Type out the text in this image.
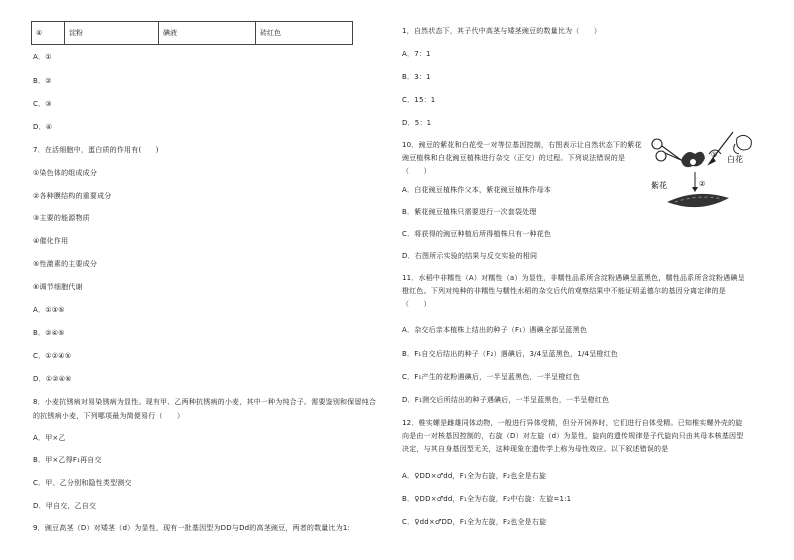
④	淀粉	碘液	砖红色
A．①
B．②
C．③
D．④
7．在活细胞中，蛋白质的作用有(　　)
①染色体的组成成分
②各种膜结构的重要成分
③主要的能源物质
④催化作用
⑤性激素的主要成分
⑥调节细胞代谢
A．①③⑤
B．②④⑤
C．①②④⑤
D．①②④⑥
8．小麦抗锈病对易染锈病为显性。现有甲、乙两种抗锈病的小麦，其中一种为纯合子。需要鉴别和保留纯合的抗锈病小麦，下列哪项最为简便易行（　　）
A．甲×乙
B．甲×乙得F₁再自交
C．甲、乙分别和隐性类型测交
D．甲自交，乙自交
9．豌豆高茎（D）对矮茎（d）为显性，现有一批基因型为DD与Dd的高茎豌豆，两者的数量比为1:
1，自然状态下，其子代中高茎与矮茎豌豆的数量比为（　　）
A．7：1
B．3：1
C．15：1
D．5：1
10．豌豆的紫花和白花受一对等位基因控制，右图表示让自然状态下的紫花豌豆植株和白花豌豆植株进行杂交（正交）的过程。下列说法错误的是（　　）
A．白花豌豆植株作父本，紫花豌豆植株作母本
B．紫花豌豆植株只需要进行一次套袋处理
C．将获得的豌豆种植后所得植株只有一种花色
D．右图所示实验的结果与反交实验的相同
①
②
白花
紫花
11．水稻中非糯性（A）对糯性（a）为显性，非糯性品系所含淀粉遇碘呈蓝黑色，糯性品系所含淀粉遇碘呈橙红色。下列对纯种的非糯性与糯性水稻的杂交后代的观察结果中不能证明孟德尔的基因分离定律的是（　　）
A．杂交后亲本植株上结出的种子（F₁）遇碘全部呈蓝黑色
B．F₁自交后结出的种子（F₂）遇碘后，3/4呈蓝黑色，1/4呈橙红色
C．F₁产生的花粉遇碘后，一半呈蓝黑色，一半呈橙红色
D．F₁测交后所结出的种子遇碘后，一半呈蓝黑色，一半呈橙红色
12．椎实螺是雌雄同体动物，一般进行异体受精，但分开饲养时，它们进行自体受精。已知椎实螺外壳的旋向是由一对核基因控制的，右旋（D）对左旋（d）为显性，旋向的遗传规律是子代旋向只由其母本核基因型决定，与其自身基因型无关，这种现象在遗传学上称为母性效应。以下叙述错误的是
A．♀DD×♂dd，F₁全为右旋，F₂也全是右旋
B．♀DD×♂dd，F₁全为右旋，F₂中右旋：左旋=1:1
C．♀dd×♂DD，F₁全为左旋，F₂也全是右旋
